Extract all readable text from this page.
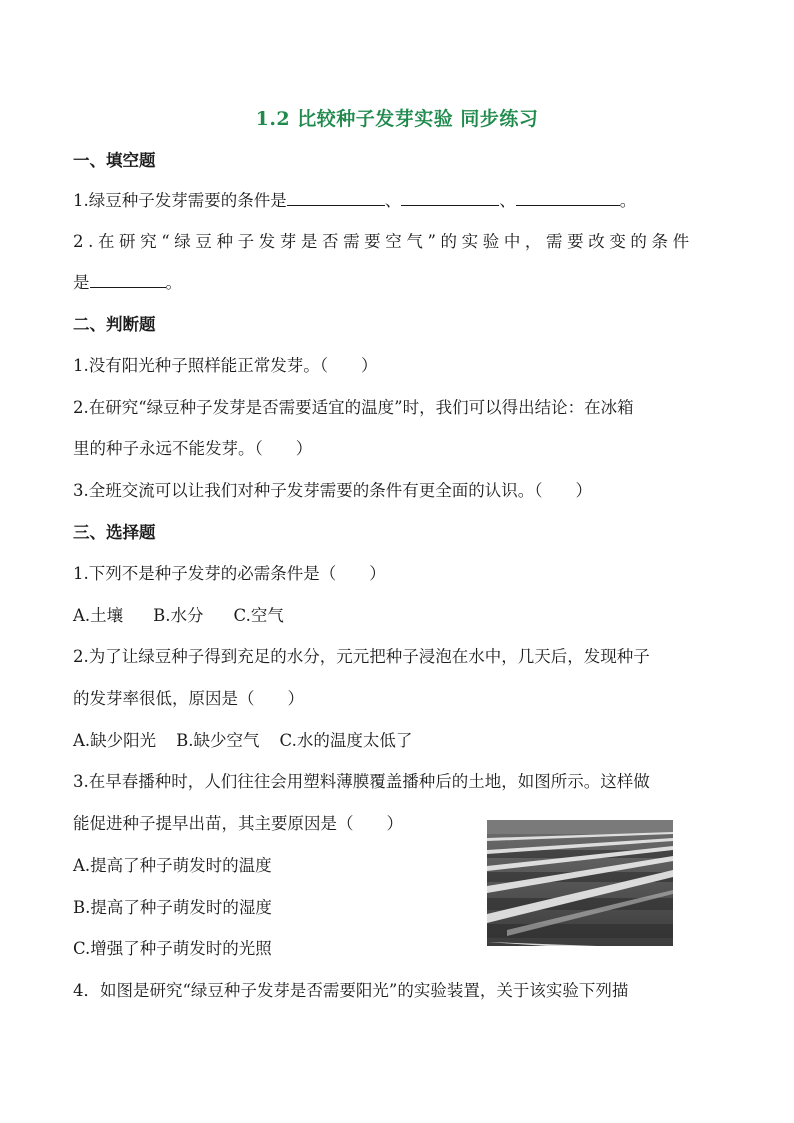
1.2 比较种子发芽实验 同步练习
一、填空题
1.绿豆种子发芽需要的条件是	、	、	。
2.在研究“绿豆种子发芽是否需要空气”的实验中，需要改变的条件
是	。
二、判断题
1.没有阳光种子照样能正常发芽。（　　）
2.在研究“绿豆种子发芽是否需要适宜的温度”时，我们可以得出结论：在冰箱
里的种子永远不能发芽。（　　）
3.全班交流可以让我们对种子发芽需要的条件有更全面的认识。（　　）
三、选择题
1.下列不是种子发芽的必需条件是（　　）
A.土壤 B.水分 C.空气
2.为了让绿豆种子得到充足的水分，元元把种子浸泡在水中，几天后，发现种子
的发芽率很低，原因是（　　）
A.缺少阳光 B.缺少空气 C.水的温度太低了
3.在早春播种时，人们往往会用塑料薄膜覆盖播种后的土地，如图所示。这样做
能促进种子提早出苗，其主要原因是（　　）
A.提高了种子萌发时的温度
B.提高了种子萌发时的湿度
C.增强了种子萌发时的光照
4．如图是研究“绿豆种子发芽是否需要阳光”的实验装置，关于该实验下列描
